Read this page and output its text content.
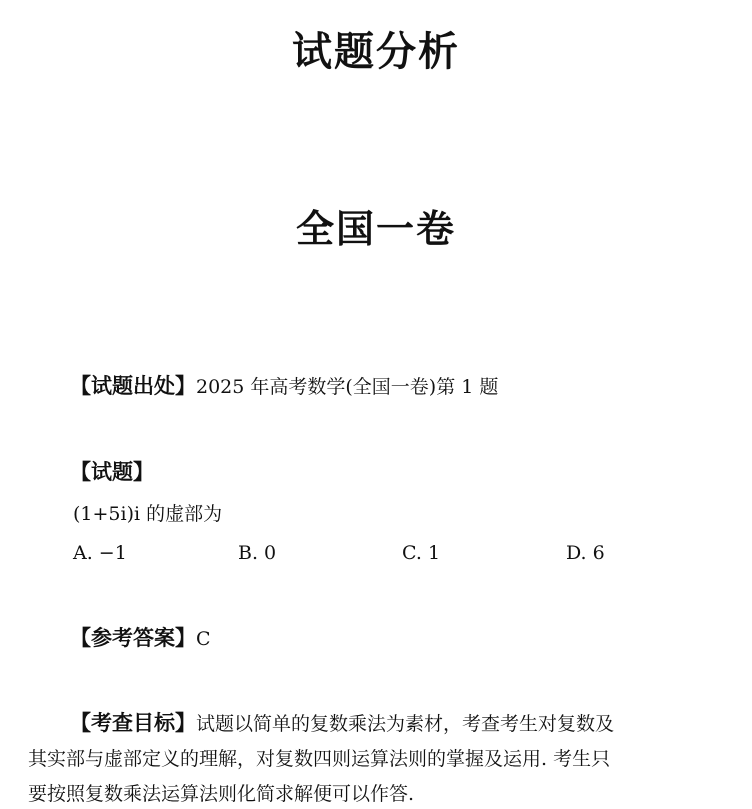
试题分析
全国一卷
【试题出处】2025 年高考数学(全国一卷)第 1 题
【试题】
(1+5i)i 的虚部为
A. −1	B. 0	C. 1	D. 6
【参考答案】C
【考查目标】试题以简单的复数乘法为素材，考查考生对复数及
其实部与虚部定义的理解，对复数四则运算法则的掌握及运用. 考生只
要按照复数乘法运算法则化简求解便可以作答.
